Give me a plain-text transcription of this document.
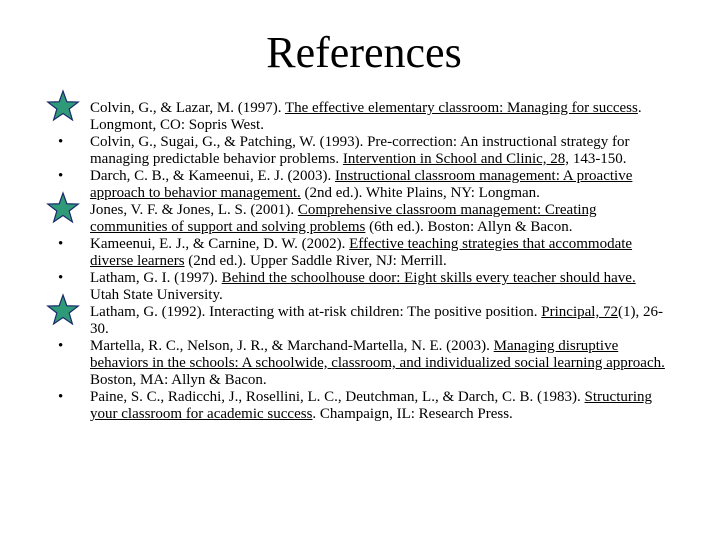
References

Colvin, G., & Lazar, M. (1997). The effective elementary classroom: Managing for success. Longmont, CO: Sopris West.

• Colvin, G., Sugai, G., & Patching, W. (1993). Pre-correction: An instructional strategy for managing predictable behavior problems. Intervention in School and Clinic, 28, 143-150.

• Darch, C. B., & Kameenui, E. J. (2003). Instructional classroom management: A proactive approach to behavior management. (2nd ed.). White Plains, NY: Longman.

Jones, V. F. & Jones, L. S. (2001). Comprehensive classroom management: Creating communities of support and solving problems (6th ed.). Boston: Allyn & Bacon.

• Kameenui, E. J., & Carnine, D. W. (2002). Effective teaching strategies that accommodate diverse learners (2nd ed.). Upper Saddle River, NJ: Merrill.

• Latham, G. I. (1997). Behind the schoolhouse door: Eight skills every teacher should have. Utah State University.

Latham, G. (1992). Interacting with at-risk children: The positive position. Principal, 72(1), 26-30.

• Martella, R. C., Nelson, J. R., & Marchand-Martella, N. E. (2003). Managing disruptive behaviors in the schools: A schoolwide, classroom, and individualized social learning approach. Boston, MA: Allyn & Bacon.

• Paine, S. C., Radicchi, J., Rosellini, L. C., Deutchman, L., & Darch, C. B. (1983). Structuring your classroom for academic success. Champaign, IL: Research Press.
